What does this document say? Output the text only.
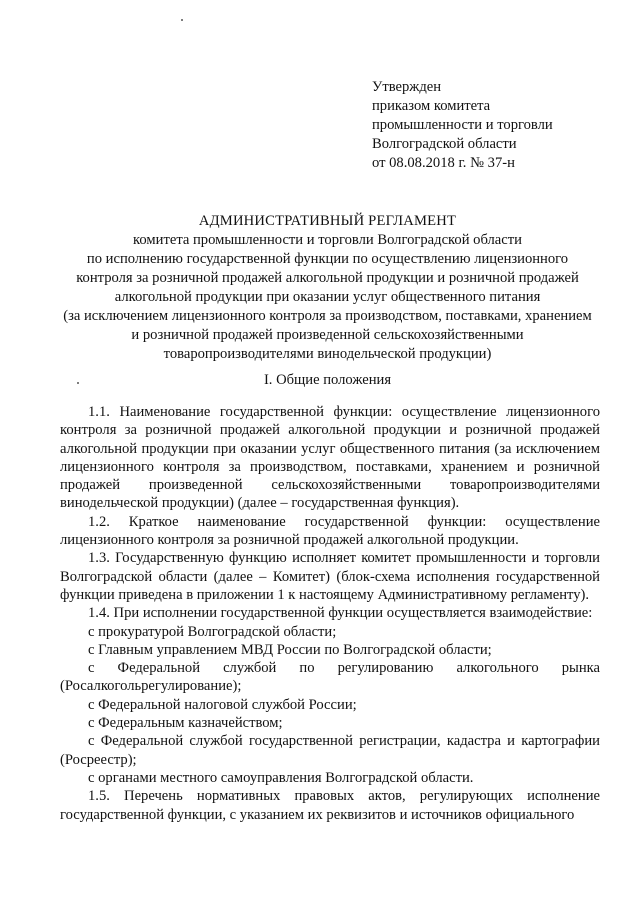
Утвержден
приказом комитета
промышленности и торговли
Волгоградской области
от 08.08.2018 г. № 37-н
АДМИНИСТРАТИВНЫЙ РЕГЛАМЕНТ
комитета промышленности и торговли Волгоградской области
по исполнению государственной функции по осуществлению лицензионного
контроля за розничной продажей алкогольной продукции и розничной продажей
алкогольной продукции при оказании услуг общественного питания
(за исключением лицензионного контроля за производством, поставками, хранением
и розничной продажей произведенной сельскохозяйственными
товаропроизводителями винодельческой продукции)
I. Общие положения
1.1. Наименование государственной функции: осуществление лицензионного контроля за розничной продажей алкогольной продукции и розничной продажей алкогольной продукции при оказании услуг общественного питания (за исключением лицензионного контроля за производством, поставками, хранением и розничной продажей произведенной сельскохозяйственными товаропроизводителями винодельческой продукции) (далее – государственная функция).
1.2. Краткое наименование государственной функции: осуществление лицензионного контроля за розничной продажей алкогольной продукции.
1.3. Государственную функцию исполняет комитет промышленности и торговли Волгоградской области (далее – Комитет) (блок-схема исполнения государственной функции приведена в приложении 1 к настоящему Административному регламенту).
1.4. При исполнении государственной функции осуществляется взаимодействие:
с прокуратурой Волгоградской области;
с Главным управлением МВД России по Волгоградской области;
с Федеральной службой по регулированию алкогольного рынка (Росалкогольрегулирование);
с Федеральной налоговой службой России;
с Федеральным казначейством;
с Федеральной службой государственной регистрации, кадастра и картографии (Росреестр);
с органами местного самоуправления Волгоградской области.
1.5. Перечень нормативных правовых актов, регулирующих исполнение государственной функции, с указанием их реквизитов и источников официального
